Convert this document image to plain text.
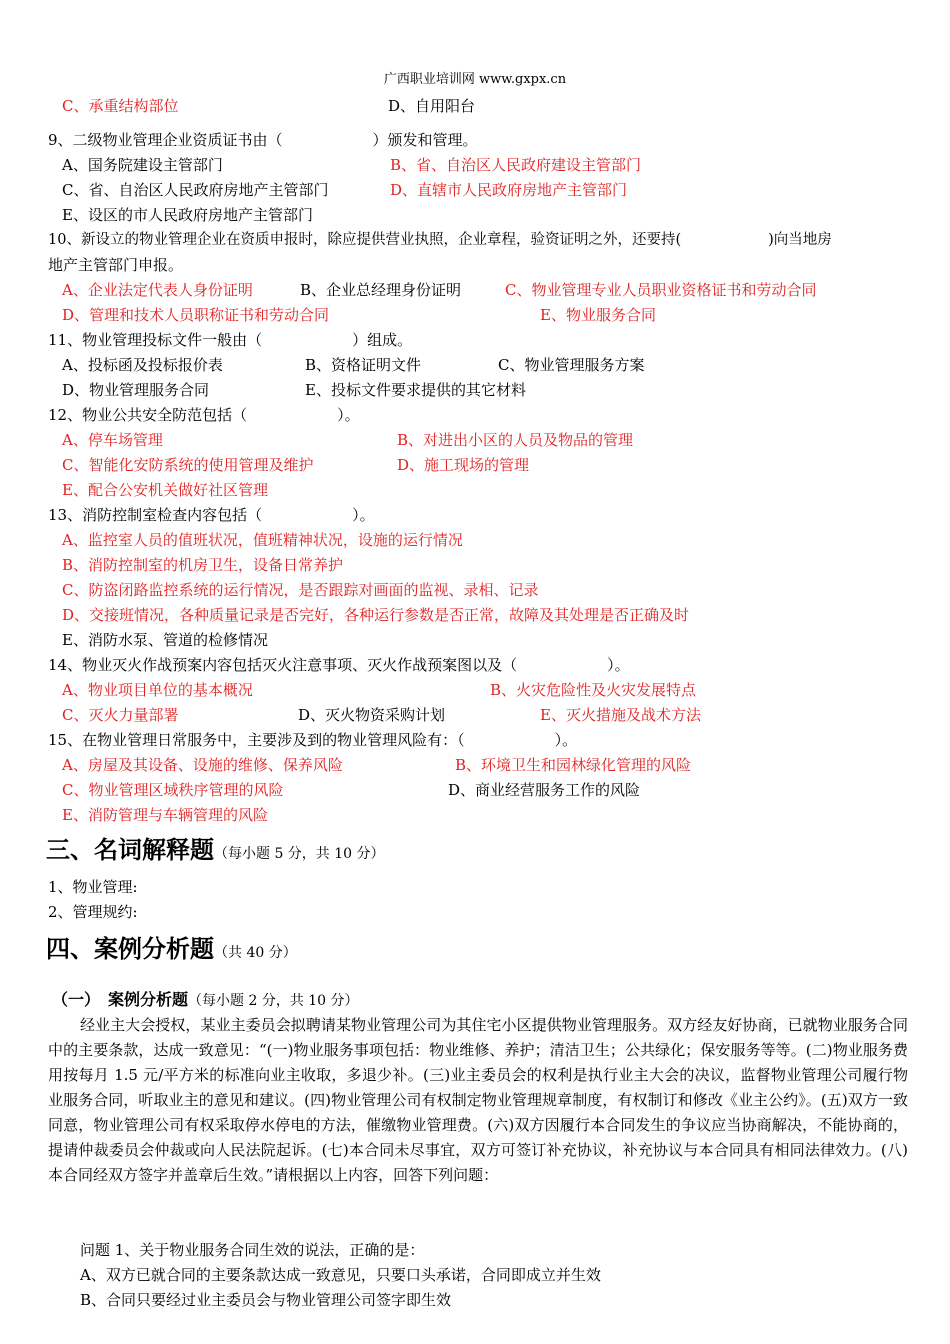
广西职业培训网 www.gxpx.cn
C、承重结构部位	D、自用阳台
9、二级物业管理企业资质证书由（　　　　　　）颁发和管理。
A、国务院建设主管部门	B、省、自治区人民政府建设主管部门
C、省、自治区人民政府房地产主管部门	D、直辖市人民政府房地产主管部门
E、设区的市人民政府房地产主管部门
10、新设立的物业管理企业在资质申报时，除应提供营业执照，企业章程，验资证明之外，还要持(　　　　　　)向当地房
地产主管部门申报。
A、企业法定代表人身份证明	B、企业总经理身份证明	C、物业管理专业人员职业资格证书和劳动合同
D、管理和技术人员职称证书和劳动合同	E、物业服务合同
11、物业管理投标文件一般由（　　　　　　）组成。
A、投标函及投标报价表	B、资格证明文件	C、物业管理服务方案
D、物业管理服务合同	E、投标文件要求提供的其它材料
12、物业公共安全防范包括（　　　　　　）。
A、停车场管理	B、对进出小区的人员及物品的管理
C、智能化安防系统的使用管理及维护	D、施工现场的管理
E、配合公安机关做好社区管理
13、消防控制室检查内容包括（　　　　　　）。
A、监控室人员的值班状况，值班精神状况，设施的运行情况
B、消防控制室的机房卫生，设备日常养护
C、防盗闭路监控系统的运行情况，是否跟踪对画面的监视、录相、记录
D、交接班情况，各种质量记录是否完好，各种运行参数是否正常，故障及其处理是否正确及时
E、消防水泵、管道的检修情况
14、物业灭火作战预案内容包括灭火注意事项、灭火作战预案图以及（　　　　　　）。
A、物业项目单位的基本概况	B、火灾危险性及火灾发展特点
C、灭火力量部署	D、灭火物资采购计划	E、灭火措施及战术方法
15、在物业管理日常服务中，主要涉及到的物业管理风险有：（　　　　　　）。
A、房屋及其设备、设施的维修、保养风险	B、环境卫生和园林绿化管理的风险
C、物业管理区域秩序管理的风险	D、商业经营服务工作的风险
E、消防管理与车辆管理的风险
三、名词解释题（每小题 5 分，共 10 分）
1、物业管理:
2、管理规约:
四、案例分析题（共 40 分）
（一）　案例分析题（每小题 2 分，共 10 分）
经业主大会授权，某业主委员会拟聘请某物业管理公司为其住宅小区提供物业管理服务。双方经友好协商，已就物业服务合同中的主要条款，达成一致意见：“(一)物业服务事项包括：物业维修、养护；清洁卫生；公共绿化；保安服务等等。(二)物业服务费用按每月 1.5 元/平方米的标准向业主收取，多退少补。(三)业主委员会的权利是执行业主大会的决议，监督物业管理公司履行物业服务合同，听取业主的意见和建议。(四)物业管理公司有权制定物业管理规章制度，有权制订和修改《业主公约》。(五)双方一致同意，物业管理公司有权采取停水停电的方法，催缴物业管理费。(六)双方因履行本合同发生的争议应当协商解决，不能协商的，提请仲裁委员会仲裁或向人民法院起诉。(七)本合同未尽事宜，双方可签订补充协议，补充协议与本合同具有相同法律效力。(八)本合同经双方签字并盖章后生效。”请根据以上内容，回答下列问题：
问题 1、关于物业服务合同生效的说法，正确的是：
A、双方已就合同的主要条款达成一致意见，只要口头承诺，合同即成立并生效
B、合同只要经过业主委员会与物业管理公司签字即生效
